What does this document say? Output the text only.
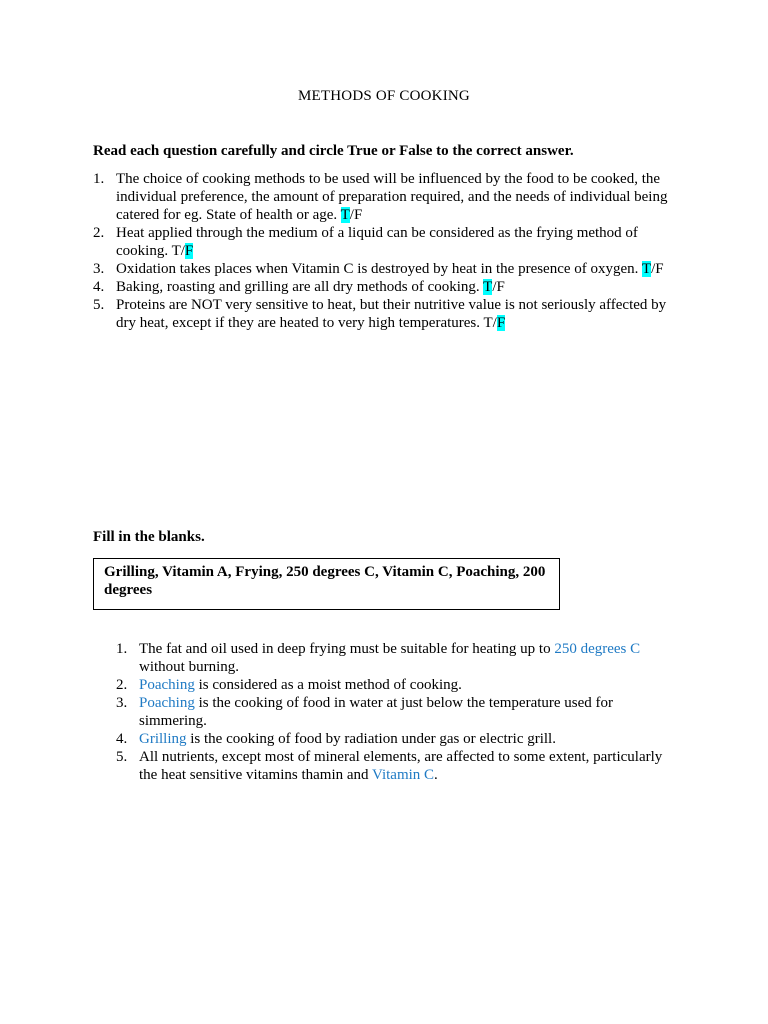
METHODS OF COOKING
Read each question carefully and circle True or False to the correct answer.
1. The choice of cooking methods to be used will be influenced by the food to be cooked, the individual preference, the amount of preparation required, and the needs of individual being catered for eg. State of health or age. T/F
2. Heat applied through the medium of a liquid can be considered as the frying method of cooking. T/F
3. Oxidation takes places when Vitamin C is destroyed by heat in the presence of oxygen. T/F
4. Baking, roasting and grilling are all dry methods of cooking. T/F
5. Proteins are NOT very sensitive to heat, but their nutritive value is not seriously affected by dry heat, except if they are heated to very high temperatures. T/F
Fill in the blanks.
Grilling, Vitamin A, Frying, 250 degrees C, Vitamin C, Poaching, 200 degrees
1. The fat and oil used in deep frying must be suitable for heating up to 250 degrees C without burning.
2. Poaching is considered as a moist method of cooking.
3. Poaching is the cooking of food in water at just below the temperature used for simmering.
4. Grilling is the cooking of food by radiation under gas or electric grill.
5. All nutrients, except most of mineral elements, are affected to some extent, particularly the heat sensitive vitamins thamin and Vitamin C.
